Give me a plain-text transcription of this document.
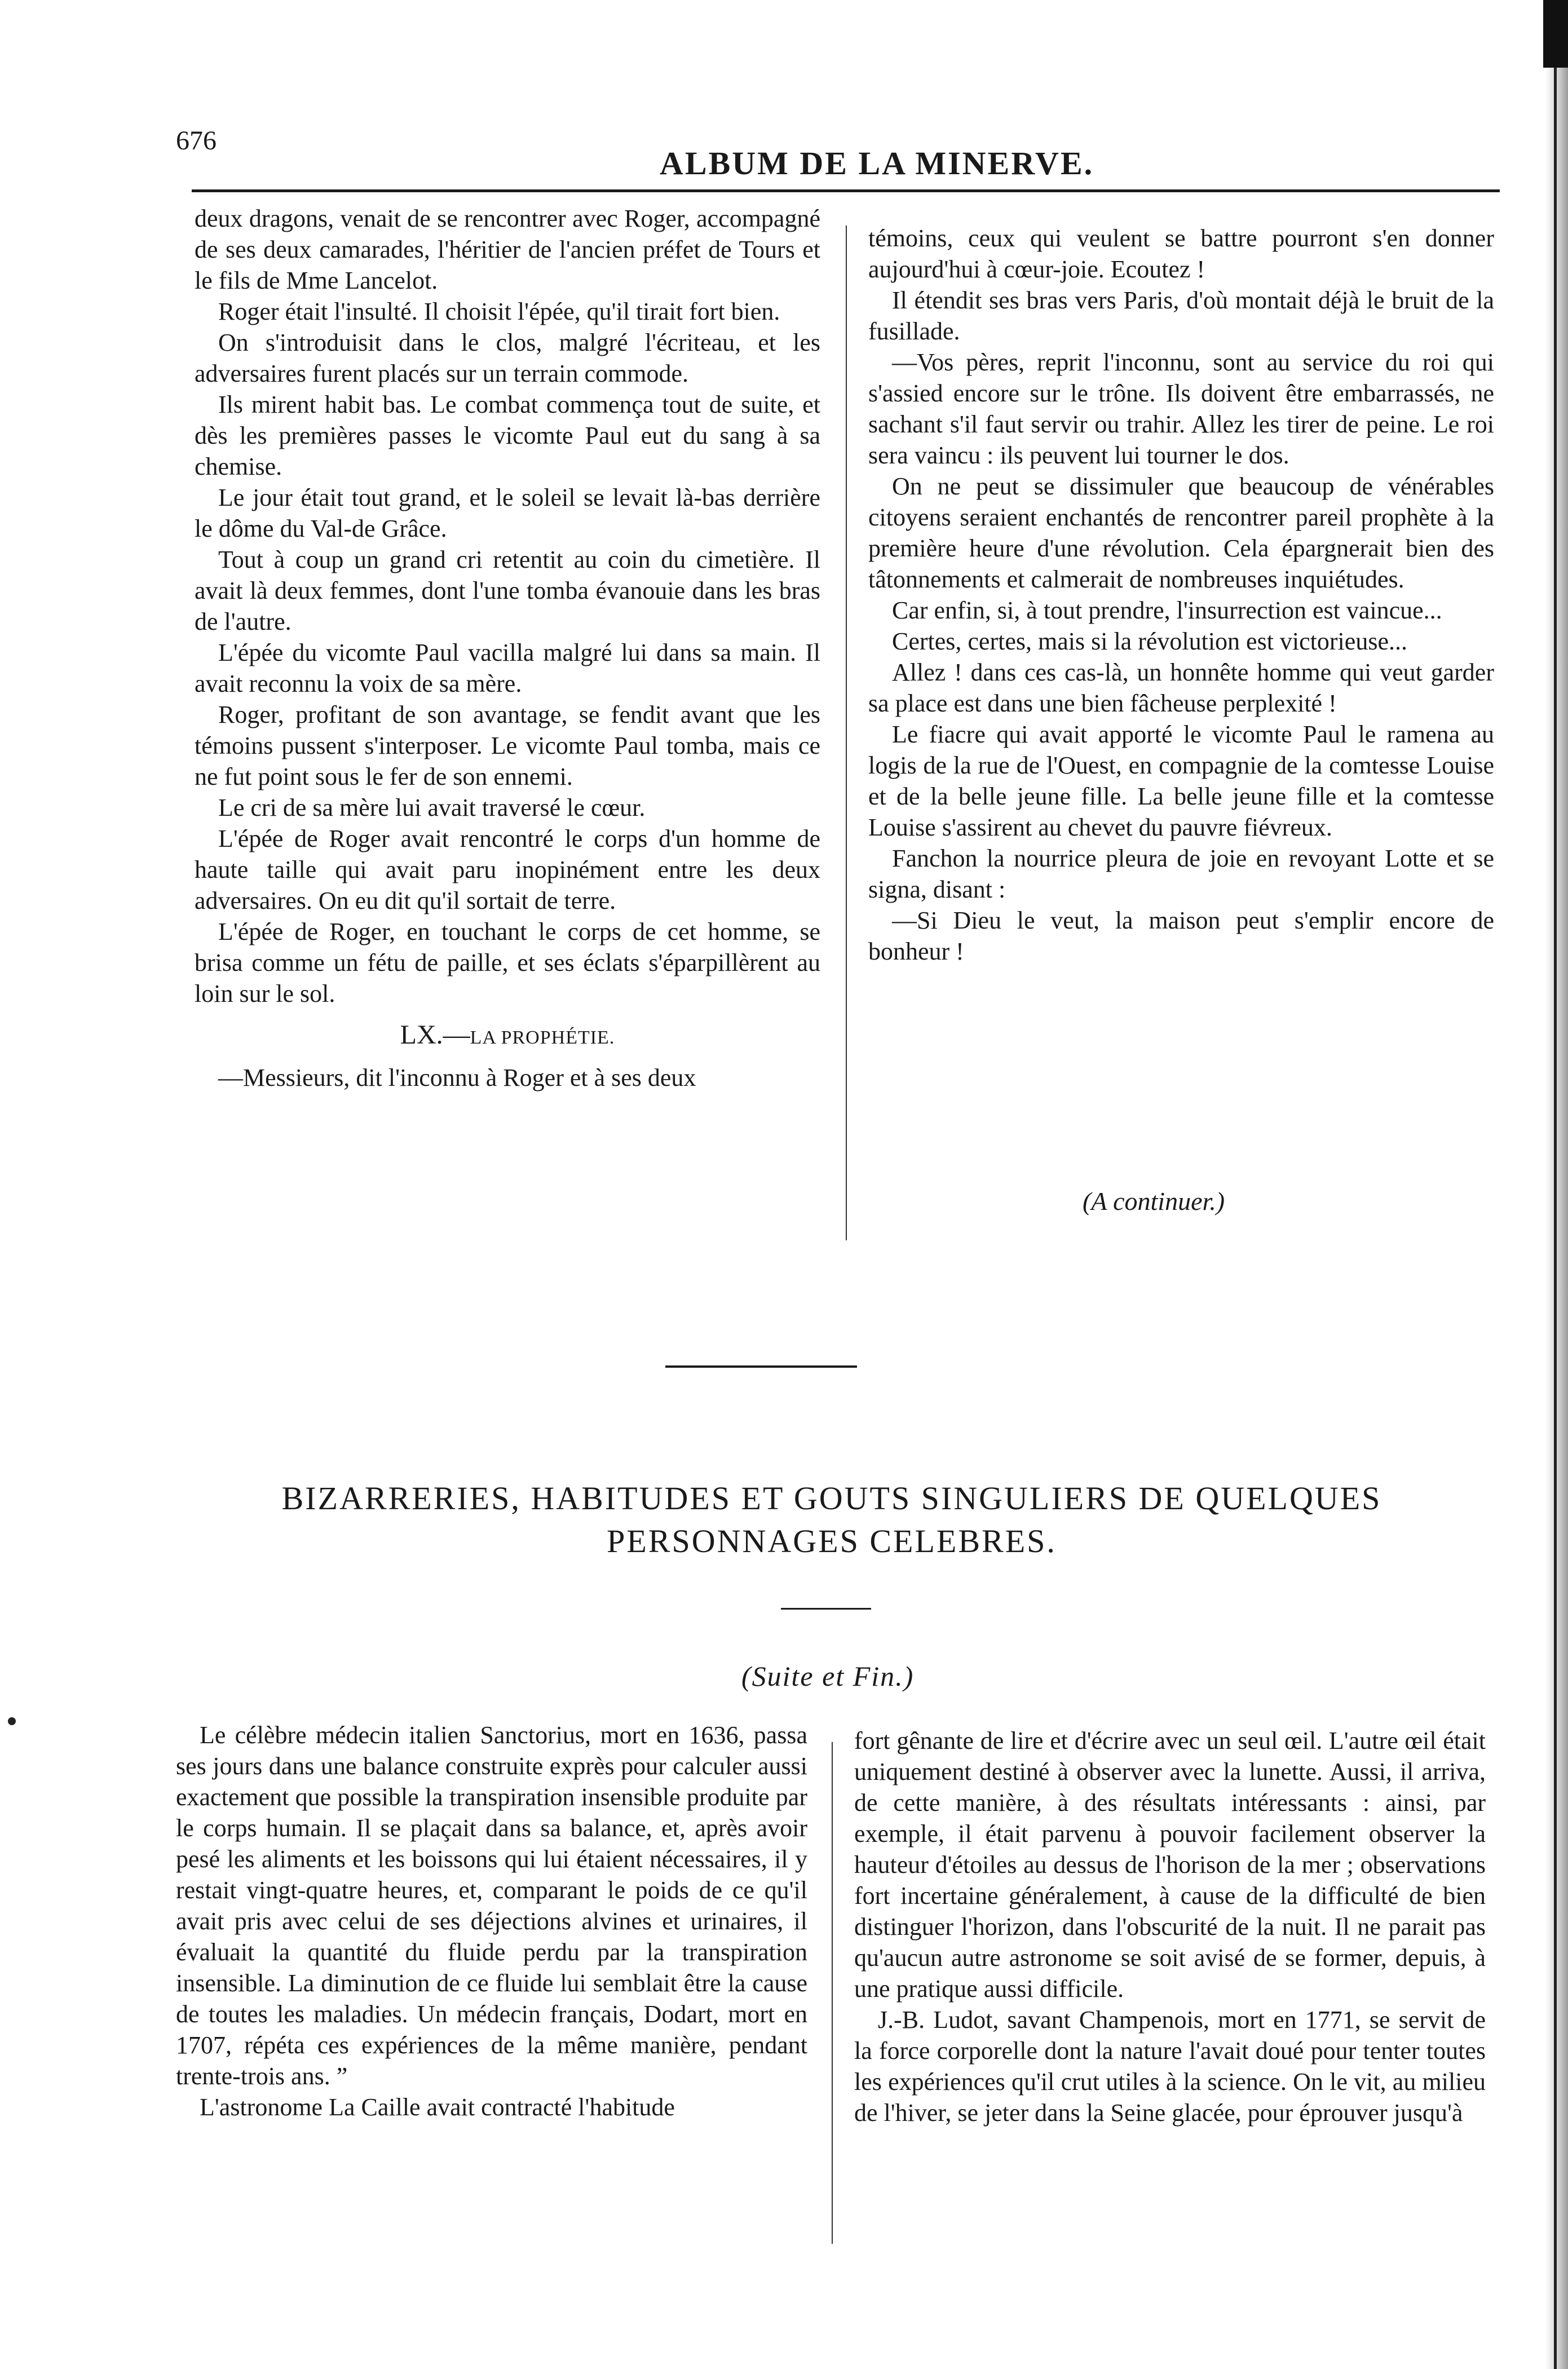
676
ALBUM DE LA MINERVE.

deux dragons, venait de se rencontrer avec Roger, accompagné de ses deux camarades, l'héritier de l'ancien préfet de Tours et le fils de Mme Lancelot.

Roger était l'insulté. Il choisit l'épée, qu'il tirait fort bien.

On s'introduisit dans le clos, malgré l'écriteau, et les adversaires furent placés sur un terrain commode.

Ils mirent habit bas. Le combat commença tout de suite, et dès les premières passes le vicomte Paul eut du sang à sa chemise.

Le jour était tout grand, et le soleil se levait là-bas derrière le dôme du Val-de Grâce.

Tout à coup un grand cri retentit au coin du cimetière. Il avait là deux femmes, dont l'une tomba évanouie dans les bras de l'autre.

L'épée du vicomte Paul vacilla malgré lui dans sa main. Il avait reconnu la voix de sa mère.

Roger, profitant de son avantage, se fendit avant que les témoins pussent s'interposer. Le vicomte Paul tomba, mais ce ne fut point sous le fer de son ennemi.

Le cri de sa mère lui avait traversé le cœur.

L'épée de Roger avait rencontré le corps d'un homme de haute taille qui avait paru inopinément entre les deux adversaires. On eu dit qu'il sortait de terre.

L'épée de Roger, en touchant le corps de cet homme, se brisa comme un fétu de paille, et ses éclats s'éparpillèrent au loin sur le sol.

LX.—LA PROPHÉTIE.

—Messieurs, dit l'inconnu à Roger et à ses deux

témoins, ceux qui veulent se battre pourront s'en donner aujourd'hui à cœur-joie. Ecoutez !

Il étendit ses bras vers Paris, d'où montait déjà le bruit de la fusillade.

—Vos pères, reprit l'inconnu, sont au service du roi qui s'assied encore sur le trône. Ils doivent être embarrassés, ne sachant s'il faut servir ou trahir. Allez les tirer de peine. Le roi sera vaincu : ils peuvent lui tourner le dos.

On ne peut se dissimuler que beaucoup de vénérables citoyens seraient enchantés de rencontrer pareil prophète à la première heure d'une révolution. Cela épargnerait bien des tâtonnements et calmerait de nombreuses inquiétudes.

Car enfin, si, à tout prendre, l'insurrection est vaincue...

Certes, certes, mais si la révolution est victorieuse...

Allez ! dans ces cas-là, un honnête homme qui veut garder sa place est dans une bien fâcheuse perplexité !

Le fiacre qui avait apporté le vicomte Paul le ramena au logis de la rue de l'Ouest, en compagnie de la comtesse Louise et de la belle jeune fille. La belle jeune fille et la comtesse Louise s'assirent au chevet du pauvre fiévreux.

Fanchon la nourrice pleura de joie en revoyant Lotte et se signa, disant :

—Si Dieu le veut, la maison peut s'emplir encore de bonheur !

(A continuer.)
BIZARRERIES, HABITUDES ET GOUTS SINGULIERS DE QUELQUES PERSONNAGES CELEBRES.
(Suite et Fin.)

Le célèbre médecin italien Sanctorius, mort en 1636, passa ses jours dans une balance construite exprès pour calculer aussi exactement que possible la transpiration insensible produite par le corps humain. Il se plaçait dans sa balance, et, après avoir pesé les aliments et les boissons qui lui étaient nécessaires, il y restait vingt-quatre heures, et, comparant le poids de ce qu'il avait pris avec celui de ses déjections alvines et urinaires, il évaluait la quantité du fluide perdu par la transpiration insensible. La diminution de ce fluide lui semblait être la cause de toutes les maladies. Un médecin français, Dodart, mort en 1707, répéta ces expériences de la même manière, pendant trente-trois ans. ”

L'astronome La Caille avait contracté l'habitude

fort gênante de lire et d'écrire avec un seul œil. L'autre œil était uniquement destiné à observer avec la lunette. Aussi, il arriva, de cette manière, à des résultats intéressants : ainsi, par exemple, il était parvenu à pouvoir facilement observer la hauteur d'étoiles au dessus de l'horison de la mer ; observations fort incertaine généralement, à cause de la difficulté de bien distinguer l'horizon, dans l'obscurité de la nuit. Il ne parait pas qu'aucun autre astronome se soit avisé de se former, depuis, à une pratique aussi difficile.

J.-B. Ludot, savant Champenois, mort en 1771, se servit de la force corporelle dont la nature l'avait doué pour tenter toutes les expériences qu'il crut utiles à la science. On le vit, au milieu de l'hiver, se jeter dans la Seine glacée, pour éprouver jusqu'à
